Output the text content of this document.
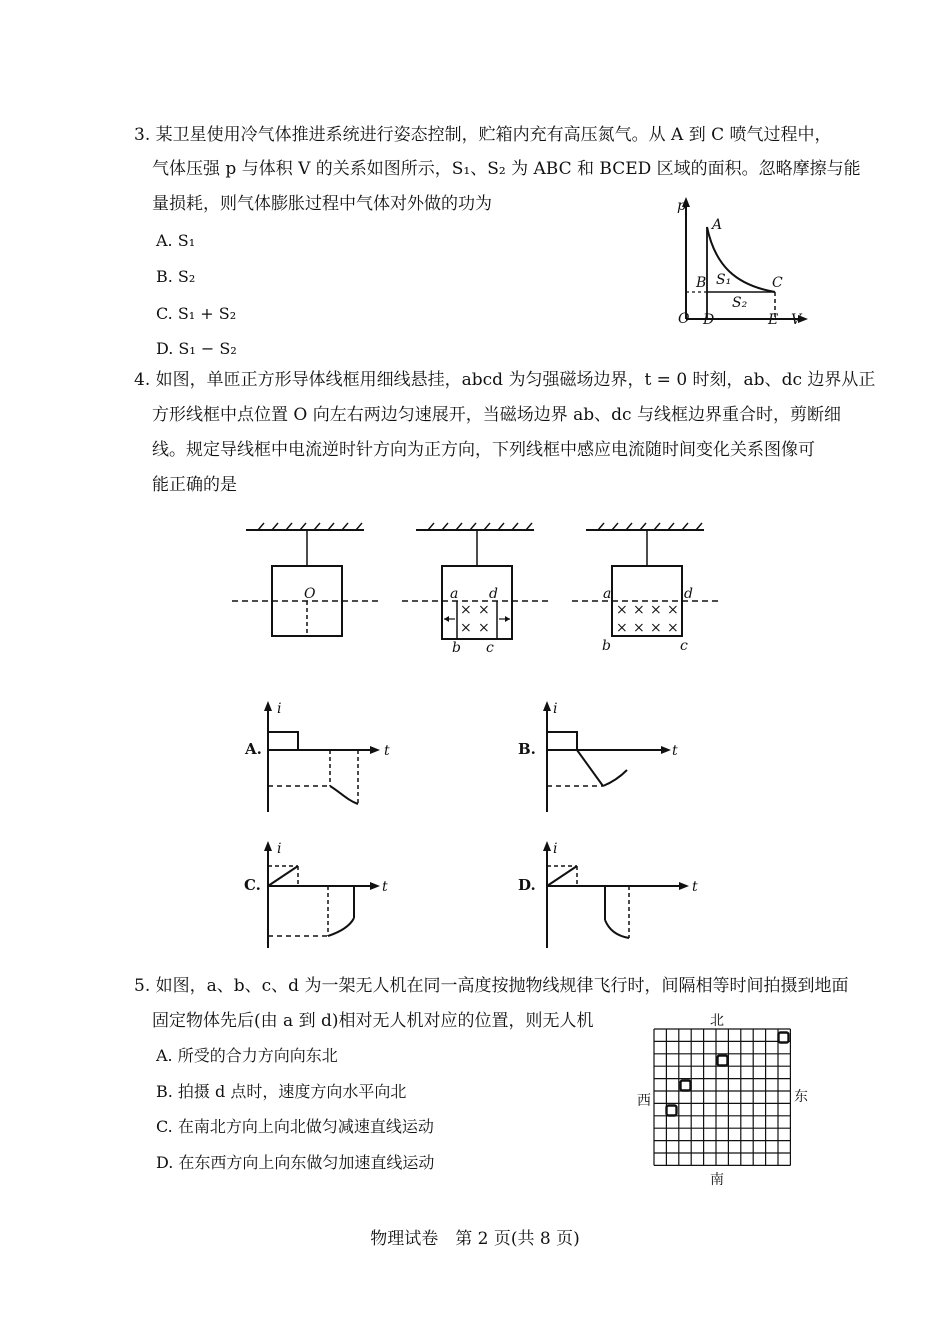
3. 某卫星使用冷气体推进系统进行姿态控制，贮箱内充有高压氮气。从 A 到 C 喷气过程中，
气体压强 p 与体积 V 的关系如图所示，S₁、S₂ 为 ABC 和 BCED 区域的面积。忽略摩擦与能
量损耗，则气体膨胀过程中气体对外做的功为
A. S₁
B. S₂
C. S₁ + S₂
D. S₁ − S₂
p
V
O
A
B	C
D	E
S₁
S₂
4. 如图，单匝正方形导体线框用细线悬挂，abcd 为匀强磁场边界，t = 0 时刻，ab、dc 边界从正
方形线框中点位置 O 向左右两边匀速展开，当磁场边界 ab、dc 与线框边界重合时，剪断细
线。规定导线框中电流逆时针方向为正方向，下列线框中感应电流随时间变化关系图像可
能正确的是
O
× ×
× ×
a
b c
d
× × × ×
× × × ×
a
b	c
d
i
t
A.
i
t
B.
i
t
C.
i
t
D.
5. 如图，a、b、c、d 为一架无人机在同一高度按抛物线规律飞行时，间隔相等时间拍摄到地面
固定物体先后(由 a 到 d)相对无人机对应的位置，则无人机
A. 所受的合力方向向东北
B. 拍摄 d 点时，速度方向水平向北
C. 在南北方向上向北做匀减速直线运动
D. 在东西方向上向东做匀加速直线运动
北
南
东
西
物理试卷　第 2 页(共 8 页)
